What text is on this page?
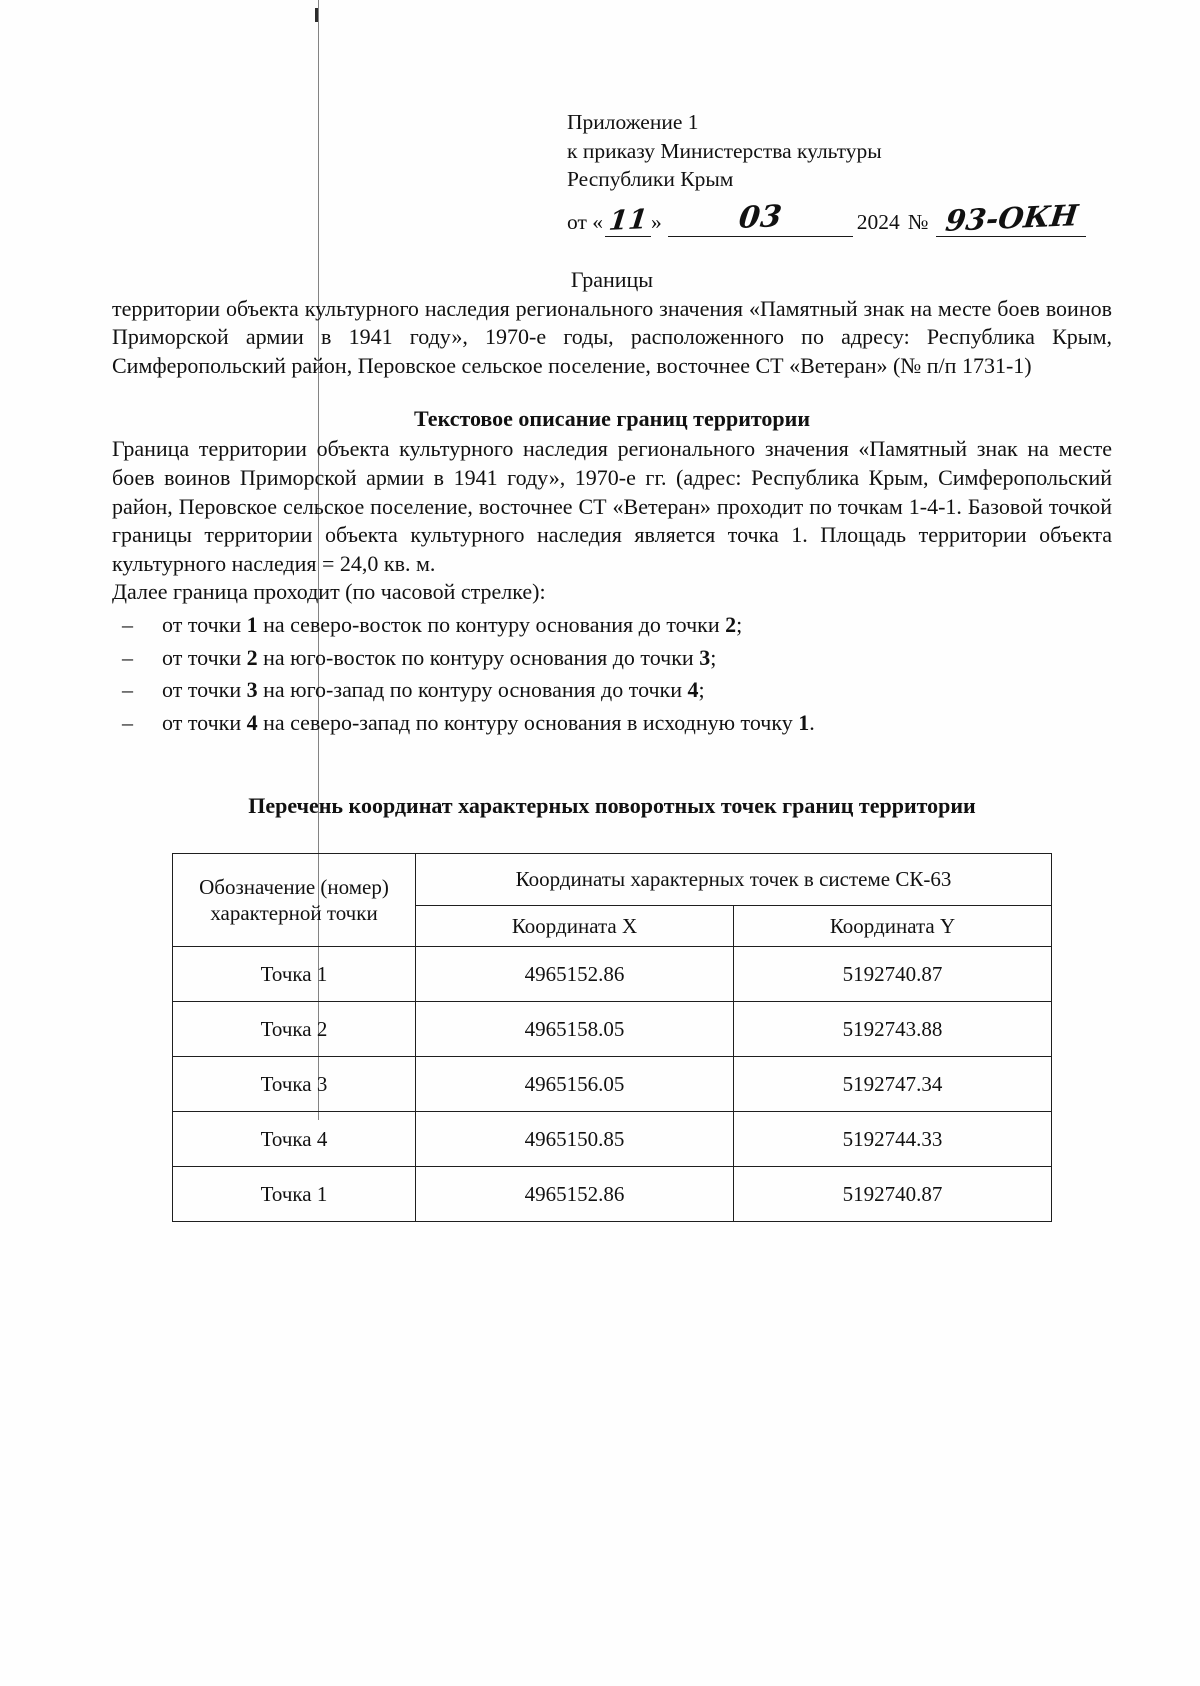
Приложение 1
к приказу Министерства культуры
Республики Крым
от « 11 »	03	2024 № 93-ОКН
Границы

территории объекта культурного наследия регионального значения «Памятный знак на месте боев воинов Приморской армии в 1941 году», 1970-е годы, расположенного по адресу: Республика Крым, Симферопольский район, Перовское сельское поселение, восточнее СТ «Ветеран» (№ п/п 1731-1)

Текстовое описание границ территории

Граница территории объекта культурного наследия регионального значения «Памятный знак на месте боев воинов Приморской армии в 1941 году», 1970-е гг. (адрес: Республика Крым, Симферопольский район, Перовское сельское поселение, восточнее СТ «Ветеран» проходит по точкам 1-4-1. Базовой точкой границы территории объекта культурного наследия является точка 1. Площадь территории объекта культурного наследия = 24,0 кв. м.

Далее граница проходит (по часовой стрелке):

– от точки 1 на северо-восток по контуру основания до точки 2;
– от точки 2 на юго-восток по контуру основания до точки 3;
– от точки 3 на юго-запад по контуру основания до точки 4;
– от точки 4 на северо-запад по контуру основания в исходную точку 1.
Перечень координат характерных поворотных точек границ территории
Обозначение (номер) характерной точки	Координаты характерных точек в системе СК-63	
	Координата X	Координата Y
Точка 1	4965152.86	5192740.87
Точка 2	4965158.05	5192743.88
Точка 3	4965156.05	5192747.34
Точка 4	4965150.85	5192744.33
Точка 1	4965152.86	5192740.87
